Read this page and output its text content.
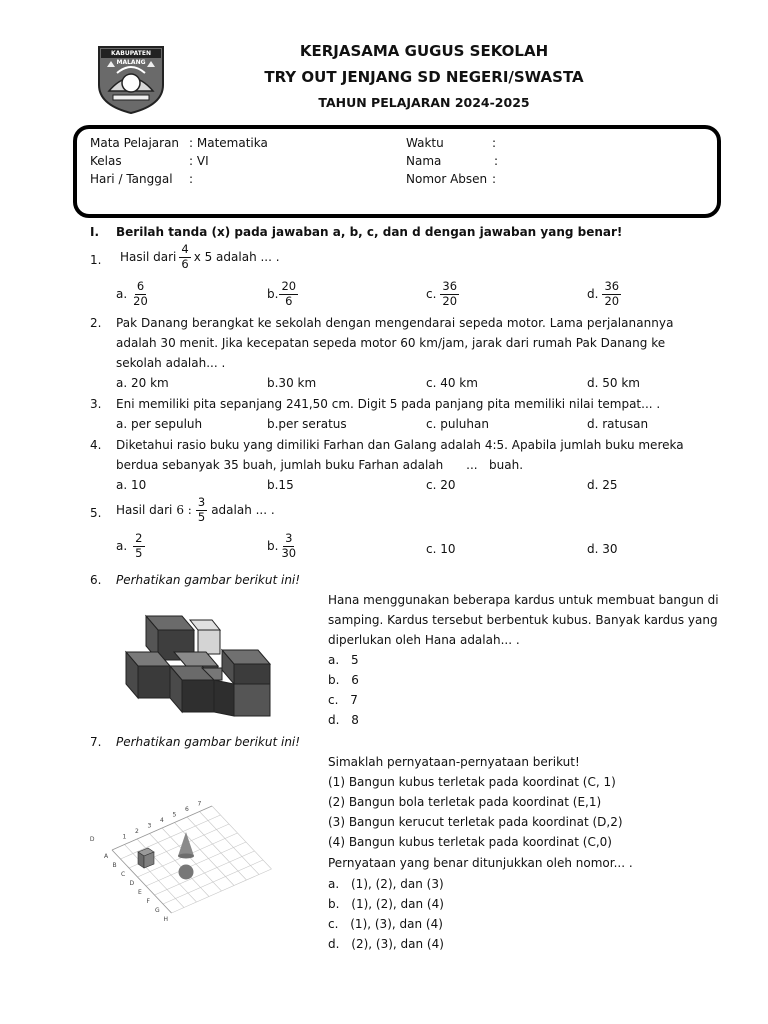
KABUPATEN MALANG
KERJASAMA GUGUS SEKOLAH
TRY OUT JENJANG SD NEGERI/SWASTA
TAHUN PELAJARAN 2024-2025
Mata Pelajaran : Matematika
Kelas	: VI
Hari / Tanggal :
Waktu	:
Nama	:
Nomor Absen :
I. Berilah tanda (x) pada jawaban a, b, c, dan d dengan jawaban yang benar!
1. Hasil dari $\frac{4}{6}$ x 5 adalah ... .
a. $\frac{6}{20}$	b. $\frac{20}{6}$	c. $\frac{36}{20}$	d. $\frac{36}{20}$
2. Pak Danang berangkat ke sekolah dengan mengendarai sepeda motor. Lama perjalanannya
adalah 30 menit. Jika kecepatan sepeda motor 60 km/jam, jarak dari rumah Pak Danang ke
sekolah adalah... .
a. 20 km	b.30 km	c. 40 km	d. 50 km
3. Eni memiliki pita sepanjang 241,50 cm. Digit 5 pada panjang pita memiliki nilai tempat... .
a. per sepuluh	b.per seratus	c. puluhan	d. ratusan
4. Diketahui rasio buku yang dimiliki Farhan dan Galang adalah 4:5. Apabila jumlah buku mereka
berdua sebanyak 35 buah, jumlah buku Farhan adalah      ...   buah.
a. 10	b.15	c. 20	d. 25
5. Hasil dari 6 : $\frac{3}{5}$ adalah ... .
a. $\frac{2}{5}$	b. $\frac{3}{30}$	c. 10	d. 30
6. Perhatikan gambar berikut ini!
Hana menggunakan beberapa kardus untuk membuat bangun di
samping. Kardus tersebut berbentuk kubus. Banyak kardus yang
diperlukan oleh Hana adalah... .
a. 5
b. 6
c. 7
d. 8
7. Perhatikan gambar berikut ini!
1
2
3
4
5
6
7
A
B
C
D
E
F
G
H
D
Simaklah pernyataan-pernyataan berikut!
(1) Bangun kubus terletak pada koordinat (C, 1)
(2) Bangun bola terletak pada koordinat (E,1)
(3) Bangun kerucut terletak pada koordinat (D,2)
(4) Bangun kubus terletak pada koordinat (C,0)
Pernyataan yang benar ditunjukkan oleh nomor... .
a. (1), (2), dan (3)
b. (1), (2), dan (4)
c. (1), (3), dan (4)
d. (2), (3), dan (4)
